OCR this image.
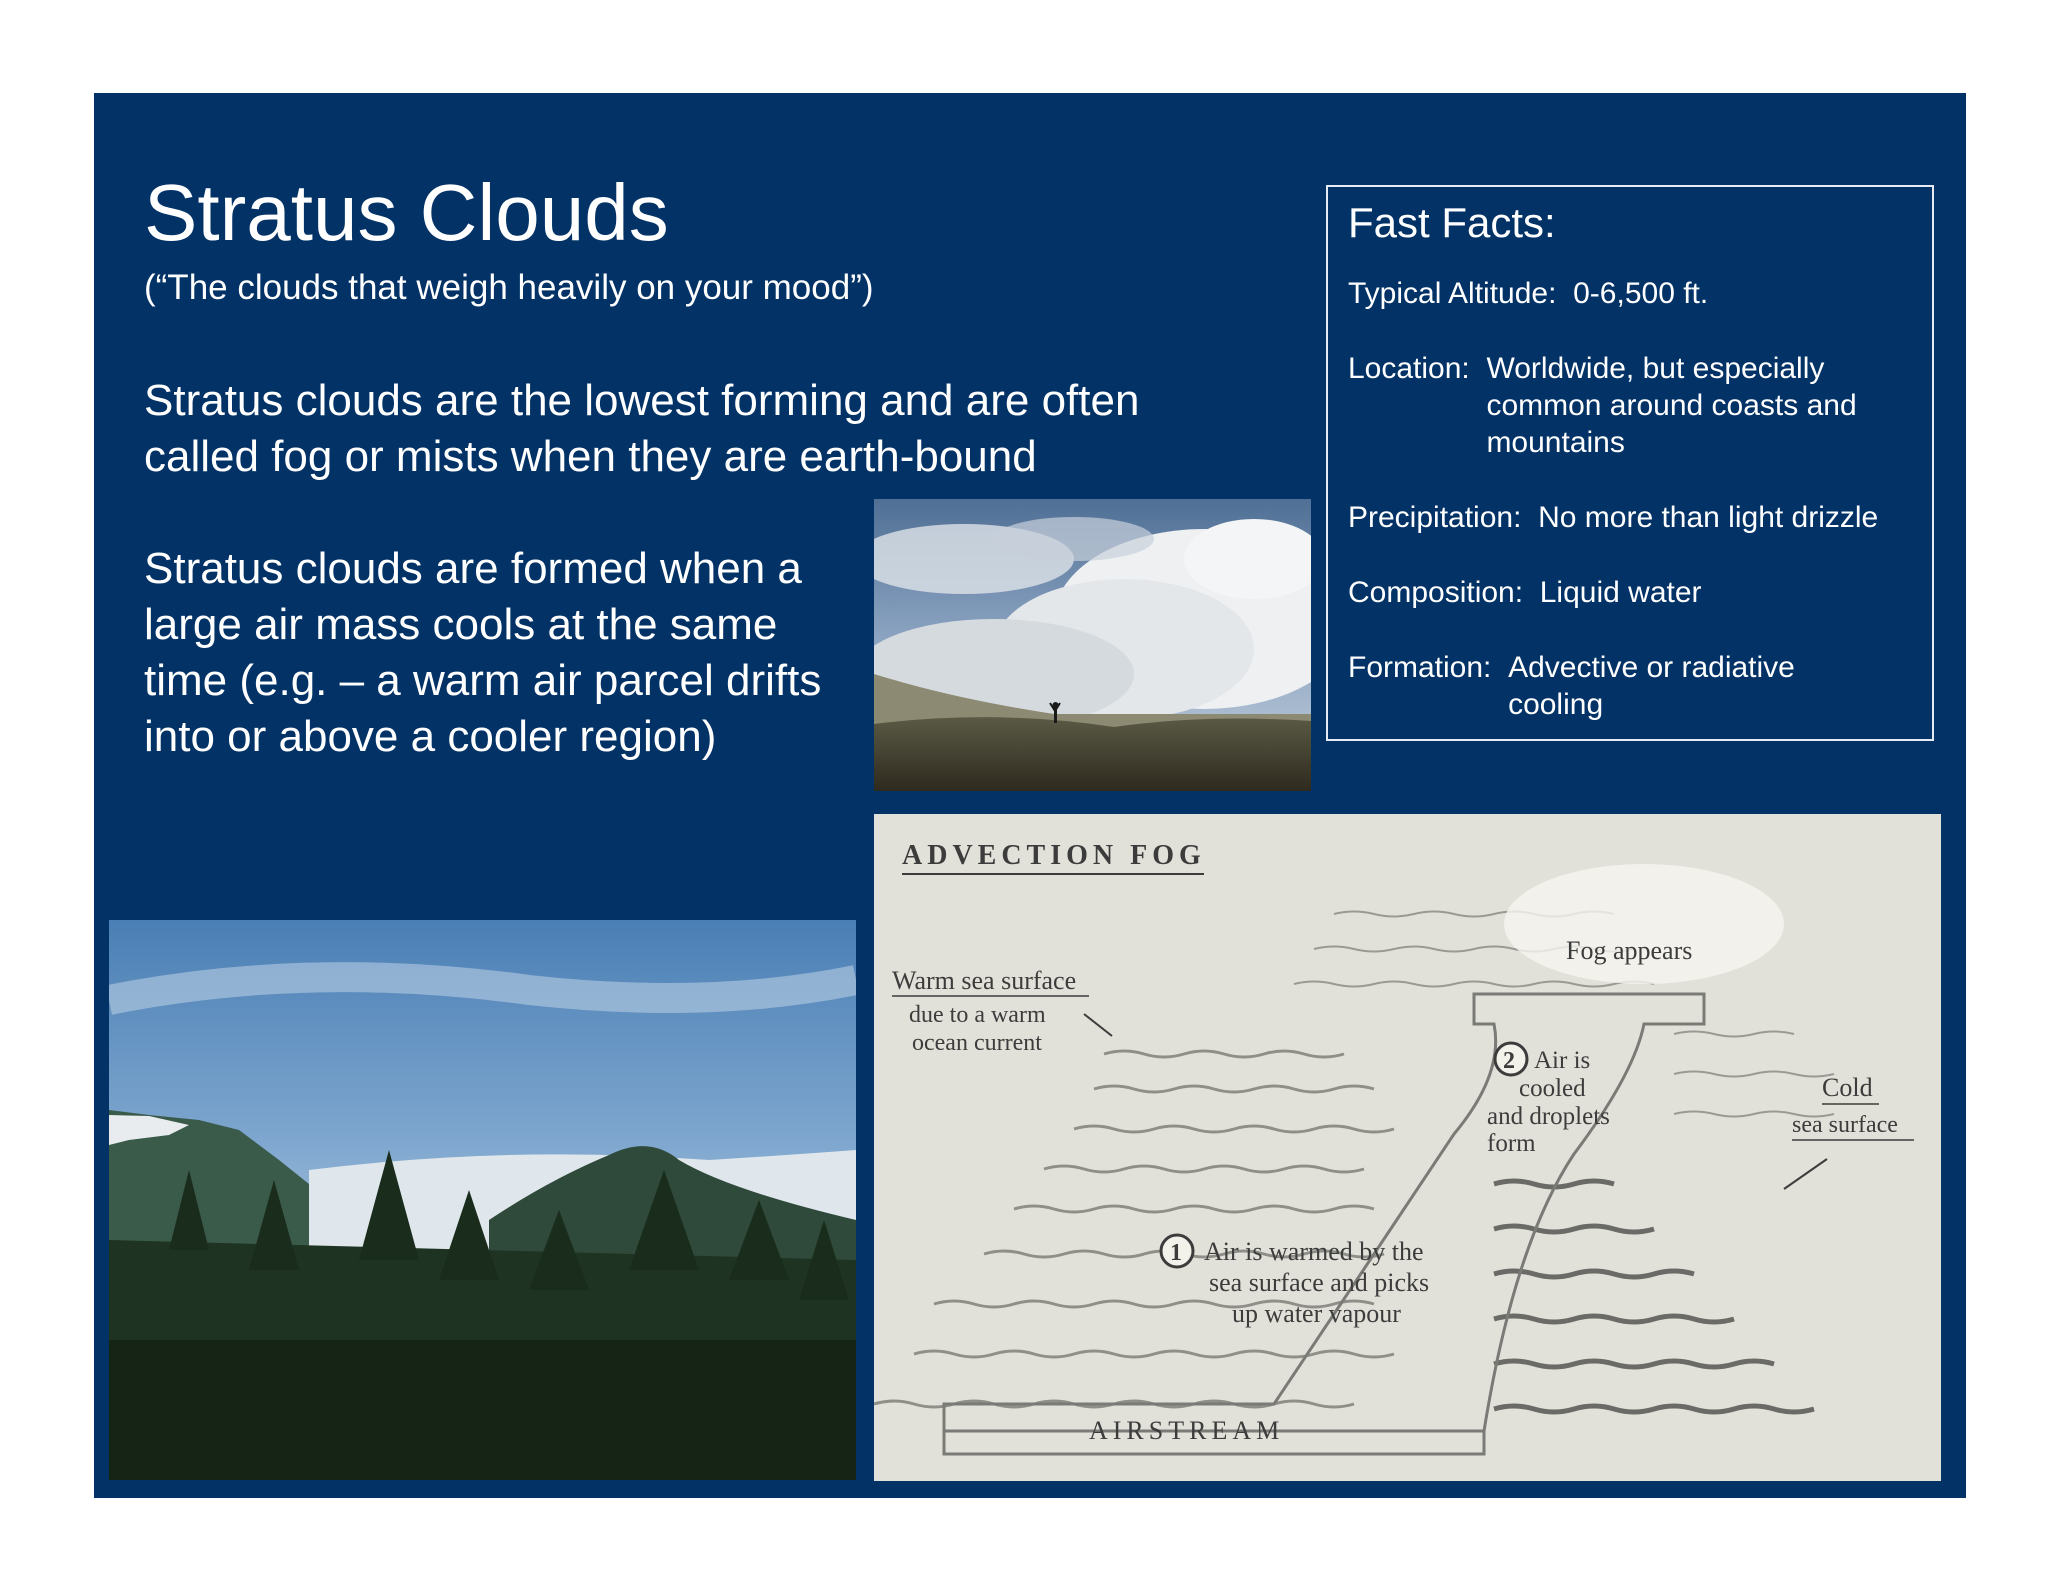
Stratus Clouds
(“The clouds that weigh heavily on your mood”)
Stratus clouds are the lowest forming and are often called fog or mists when they are earth-bound
Stratus clouds are formed when a large air mass cools at the same time (e.g. – a warm air parcel drifts into or above a cooler region)
Fast Facts:
Typical Altitude: 0-6,500 ft.
Location: Worldwide, but especially
common around coasts and
mountains
Precipitation: No more than light drizzle
Composition: Liquid water
Formation: Advective or radiative
cooling
ADVECTION FOG
Warm sea surface
due to a warm
ocean current
Fog appears
2 Air is
cooled
and droplets
form
Cold
sea surface
1 Air is warmed by the
sea surface and picks
up water vapour
AIRSTREAM
